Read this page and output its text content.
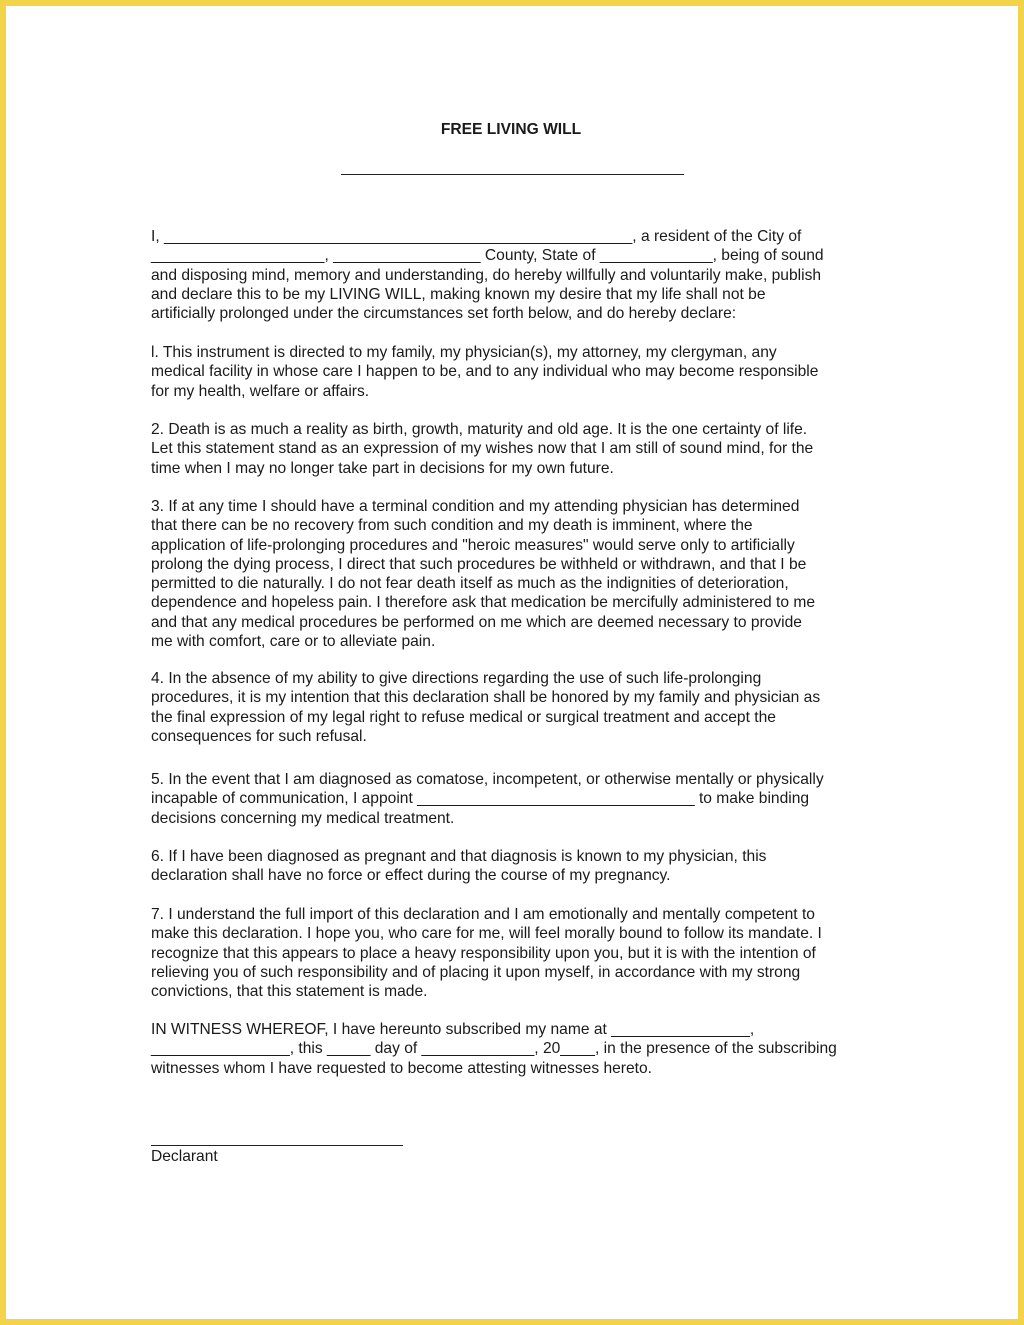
FREE LIVING WILL

I, ______________________________________________________, a resident of the City of
____________________, _________________ County, State of _____________, being of sound
and disposing mind, memory and understanding, do hereby willfully and voluntarily make, publish
and declare this to be my LIVING WILL, making known my desire that my life shall not be
artificially prolonged under the circumstances set forth below, and do hereby declare:

l. This instrument is directed to my family, my physician(s), my attorney, my clergyman, any
medical facility in whose care I happen to be, and to any individual who may become responsible
for my health, welfare or affairs.

2. Death is as much a reality as birth, growth, maturity and old age. It is the one certainty of life.
Let this statement stand as an expression of my wishes now that I am still of sound mind, for the
time when I may no longer take part in decisions for my own future.

3. If at any time I should have a terminal condition and my attending physician has determined
that there can be no recovery from such condition and my death is imminent, where the
application of life-prolonging procedures and "heroic measures" would serve only to artificially
prolong the dying process, I direct that such procedures be withheld or withdrawn, and that I be
permitted to die naturally. I do not fear death itself as much as the indignities of deterioration,
dependence and hopeless pain. I therefore ask that medication be mercifully administered to me
and that any medical procedures be performed on me which are deemed necessary to provide
me with comfort, care or to alleviate pain.

4. In the absence of my ability to give directions regarding the use of such life-prolonging
procedures, it is my intention that this declaration shall be honored by my family and physician as
the final expression of my legal right to refuse medical or surgical treatment and accept the
consequences for such refusal.

5. In the event that I am diagnosed as comatose, incompetent, or otherwise mentally or physically
incapable of communication, I appoint ________________________________ to make binding
decisions concerning my medical treatment.

6. If I have been diagnosed as pregnant and that diagnosis is known to my physician, this
declaration shall have no force or effect during the course of my pregnancy.

7. I understand the full import of this declaration and I am emotionally and mentally competent to
make this declaration. I hope you, who care for me, will feel morally bound to follow its mandate. I
recognize that this appears to place a heavy responsibility upon you, but it is with the intention of
relieving you of such responsibility and of placing it upon myself, in accordance with my strong
convictions, that this statement is made.

IN WITNESS WHEREOF, I have hereunto subscribed my name at ________________,
________________, this _____ day of _____________, 20____, in the presence of the subscribing
witnesses whom I have requested to become attesting witnesses hereto.

Declarant
